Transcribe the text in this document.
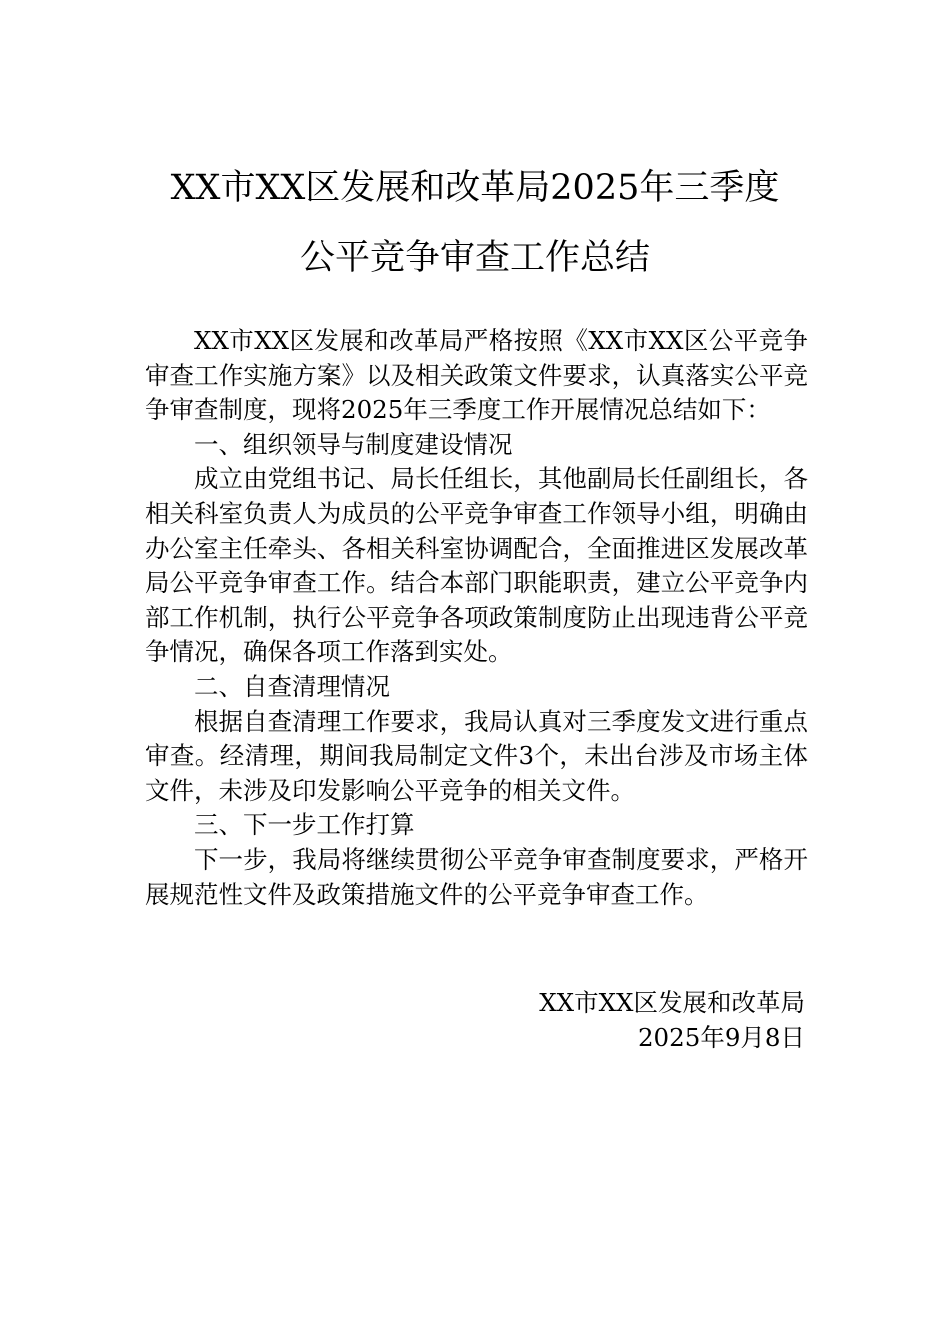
XX市XX区发展和改革局2025年三季度
公平竞争审查工作总结

XX市XX区发展和改革局严格按照《XX市XX区公平竞争审查工作实施方案》以及相关政策文件要求，认真落实公平竞争审查制度，现将2025年三季度工作开展情况总结如下：

一、组织领导与制度建设情况

成立由党组书记、局长任组长，其他副局长任副组长，各相关科室负责人为成员的公平竞争审查工作领导小组，明确由办公室主任牵头、各相关科室协调配合，全面推进区发展改革局公平竞争审查工作。结合本部门职能职责，建立公平竞争内部工作机制，执行公平竞争各项政策制度防止出现违背公平竞争情况，确保各项工作落到实处。

二、自查清理情况

根据自查清理工作要求，我局认真对三季度发文进行重点审查。经清理，期间我局制定文件3个，未出台涉及市场主体文件，未涉及印发影响公平竞争的相关文件。

三、下一步工作打算

下一步，我局将继续贯彻公平竞争审查制度要求，严格开展规范性文件及政策措施文件的公平竞争审查工作。

XX市XX区发展和改革局
2025年9月8日
